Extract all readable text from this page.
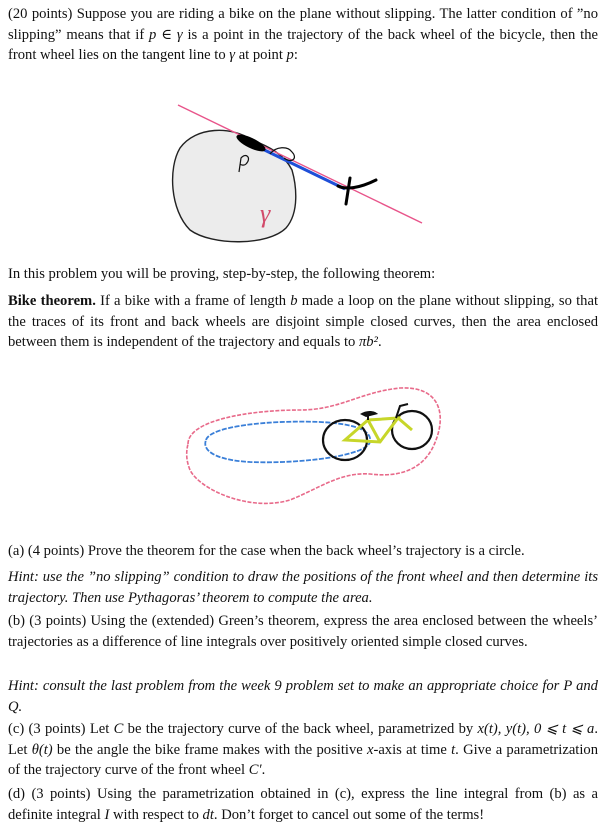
(20 points) Suppose you are riding a bike on the plane without slipping. The latter condition of ”no slipping” means that if p ∈ γ is a point in the trajectory of the back wheel of the bicycle, then the front wheel lies on the tangent line to γ at point p:

γ

In this problem you will be proving, step-by-step, the following theorem:

Bike theorem. If a bike with a frame of length b made a loop on the plane without slipping, so that the traces of its front and back wheels are disjoint simple closed curves, then the area enclosed between them is independent of the trajectory and equals to πb².

(a) (4 points) Prove the theorem for the case when the back wheel’s trajectory is a circle.

Hint: use the ”no slipping” condition to draw the positions of the front wheel and then determine its trajectory. Then use Pythagoras’ theorem to compute the area.

(b) (3 points) Using the (extended) Green’s theorem, express the area enclosed between the wheels’ trajectories as a difference of line integrals over positively oriented simple closed curves.

Hint: consult the last problem from the week 9 problem set to make an appropriate choice for P and Q.

(c) (3 points) Let C be the trajectory curve of the back wheel, parametrized by x(t), y(t), 0 ⩽ t ⩽ a. Let θ(t) be the angle the bike frame makes with the positive x-axis at time t. Give a parametrization of the trajectory curve of the front wheel C′.

(d) (3 points) Using the parametrization obtained in (c), express the line integral from (b) as a definite integral I with respect to dt. Don’t forget to cancel out some of the terms!
